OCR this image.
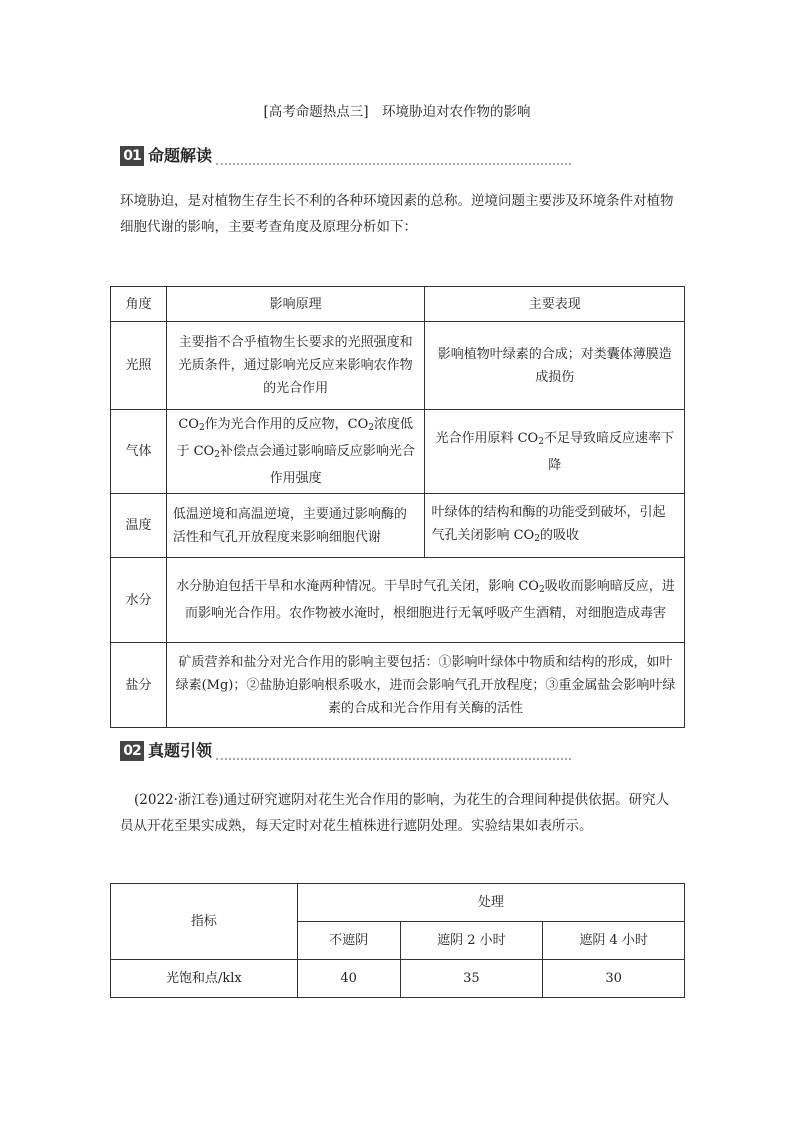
[高考命题热点三]　环境胁迫对农作物的影响
01 命题解读
环境胁迫，是对植物生存生长不利的各种环境因素的总称。逆境问题主要涉及环境条件对植物细胞代谢的影响，主要考查角度及原理分析如下：
角度	影响原理	主要表现
光照	主要指不合乎植物生长要求的光照强度和光质条件，通过影响光反应来影响农作物的光合作用	影响植物叶绿素的合成；对类囊体薄膜造成损伤
气体	$CO_2$作为光合作用的反应物，$CO_2$浓度低于 $CO_2$补偿点会通过影响暗反应影响光合作用强度	光合作用原料 $CO_2$不足导致暗反应速率下降
温度	低温逆境和高温逆境，主要通过影响酶的活性和气孔开放程度来影响细胞代谢	叶绿体的结构和酶的功能受到破坏，引起气孔关闭影响 $CO_2$的吸收
水分	水分胁迫包括干旱和水淹两种情况。干旱时气孔关闭，影响 $CO_2$吸收而影响暗反应，进而影响光合作用。农作物被水淹时，根细胞进行无氧呼吸产生酒精，对细胞造成毒害	
盐分	矿质营养和盐分对光合作用的影响主要包括：①影响叶绿体中物质和结构的形成，如叶绿素(Mg)；②盐胁迫影响根系吸水，进而会影响气孔开放程度；③重金属盐会影响叶绿素的合成和光合作用有关酶的活性	
02 真题引领
(2022·浙江卷)通过研究遮阴对花生光合作用的影响，为花生的合理间种提供依据。研究人员从开花至果实成熟，每天定时对花生植株进行遮阴处理。实验结果如表所示。
指标	处理		
	不遮阴	遮阴 2 小时	遮阴 4 小时
光饱和点/klx	40	35	30
